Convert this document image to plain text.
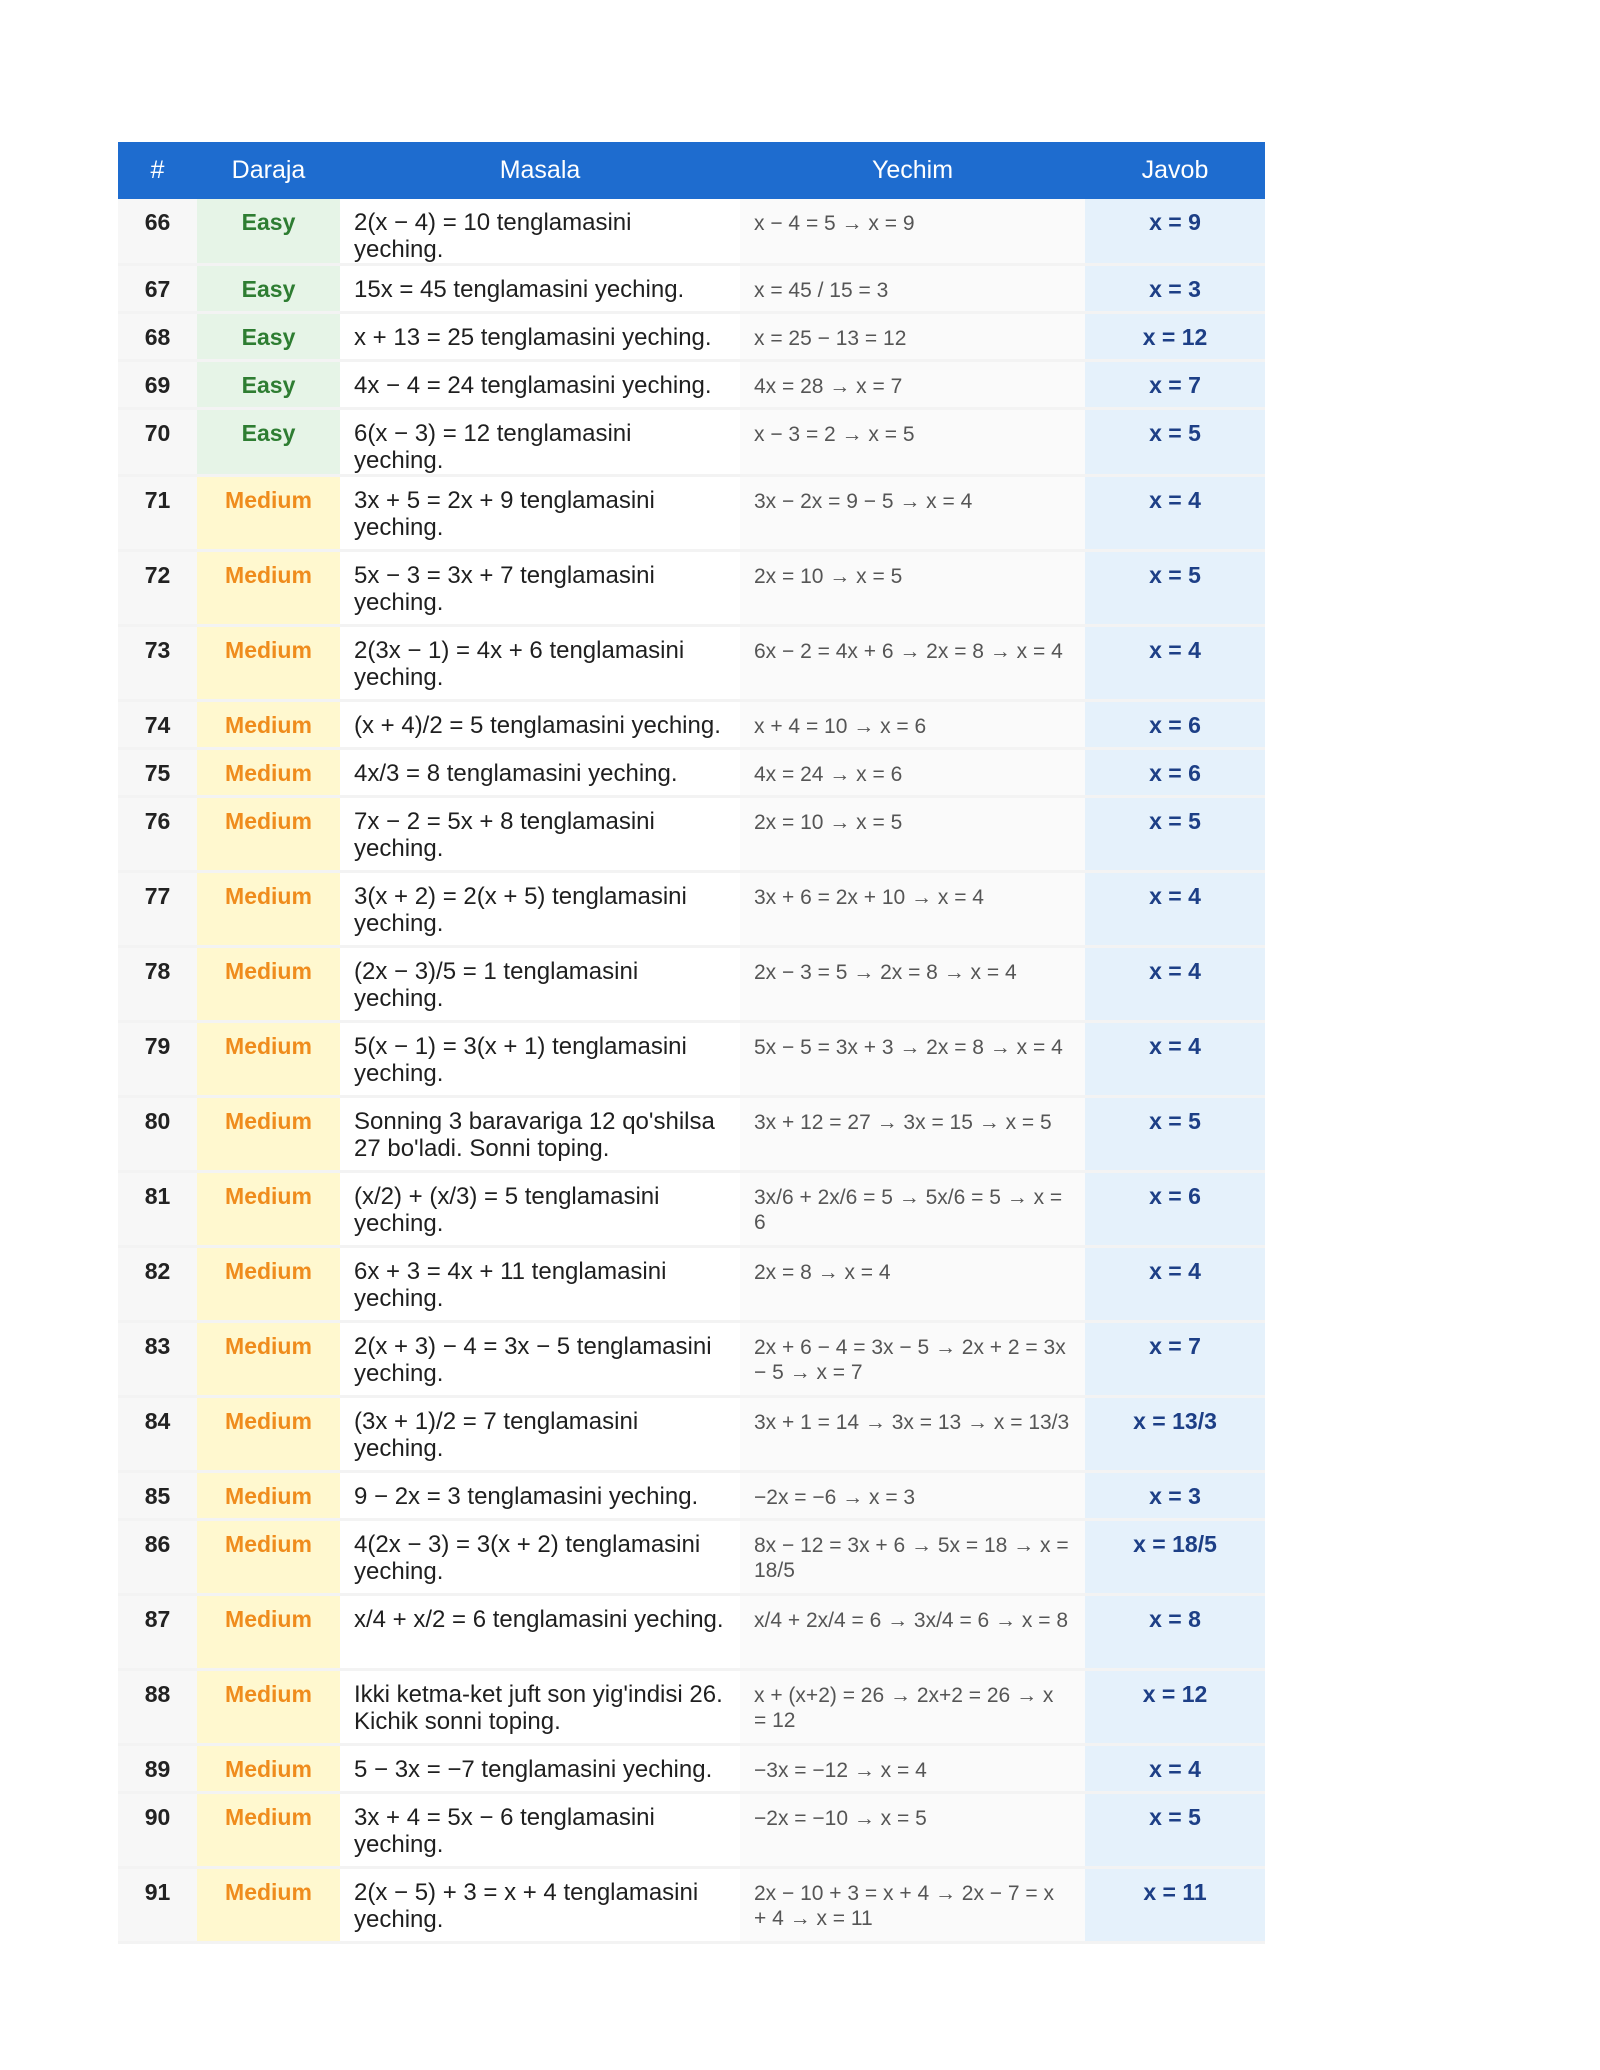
#	Daraja	Masala	Yechim	Javob
66	Easy	2(x − 4) = 10 tenglamasini yeching.	x − 4 = 5 → x = 9	x = 9
67	Easy	15x = 45 tenglamasini yeching.	x = 45 / 15 = 3	x = 3
68	Easy	x + 13 = 25 tenglamasini yeching.	x = 25 − 13 = 12	x = 12
69	Easy	4x − 4 = 24 tenglamasini yeching.	4x = 28 → x = 7	x = 7
70	Easy	6(x − 3) = 12 tenglamasini yeching.	x − 3 = 2 → x = 5	x = 5
71	Medium	3x + 5 = 2x + 9 tenglamasini yeching.	3x − 2x = 9 − 5 → x = 4	x = 4
72	Medium	5x − 3 = 3x + 7 tenglamasini yeching.	2x = 10 → x = 5	x = 5
73	Medium	2(3x − 1) = 4x + 6 tenglamasini yeching.	6x − 2 = 4x + 6 → 2x = 8 → x = 4	x = 4
74	Medium	(x + 4)/2 = 5 tenglamasini yeching.	x + 4 = 10 → x = 6	x = 6
75	Medium	4x/3 = 8 tenglamasini yeching.	4x = 24 → x = 6	x = 6
76	Medium	7x − 2 = 5x + 8 tenglamasini yeching.	2x = 10 → x = 5	x = 5
77	Medium	3(x + 2) = 2(x + 5) tenglamasini yeching.	3x + 6 = 2x + 10 → x = 4	x = 4
78	Medium	(2x − 3)/5 = 1 tenglamasini yeching.	2x − 3 = 5 → 2x = 8 → x = 4	x = 4
79	Medium	5(x − 1) = 3(x + 1) tenglamasini yeching.	5x − 5 = 3x + 3 → 2x = 8 → x = 4	x = 4
80	Medium	Sonning 3 baravariga 12 qo'shilsa 27 bo'ladi. Sonni toping.	3x + 12 = 27 → 3x = 15 → x = 5	x = 5
81	Medium	(x/2) + (x/3) = 5 tenglamasini yeching.	3x/6 + 2x/6 = 5 → 5x/6 = 5 → x = 6	x = 6
82	Medium	6x + 3 = 4x + 11 tenglamasini yeching.	2x = 8 → x = 4	x = 4
83	Medium	2(x + 3) − 4 = 3x − 5 tenglamasini yeching.	2x + 6 − 4 = 3x − 5 → 2x + 2 = 3x − 5 → x = 7	x = 7
84	Medium	(3x + 1)/2 = 7 tenglamasini yeching.	3x + 1 = 14 → 3x = 13 → x = 13/3	x = 13/3
85	Medium	9 − 2x = 3 tenglamasini yeching.	−2x = −6 → x = 3	x = 3
86	Medium	4(2x − 3) = 3(x + 2) tenglamasini yeching.	8x − 12 = 3x + 6 → 5x = 18 → x = 18/5	x = 18/5
87	Medium	x/4 + x/2 = 6 tenglamasini yeching.	x/4 + 2x/4 = 6 → 3x/4 = 6 → x = 8	x = 8
88	Medium	Ikki ketma-ket juft son yig'indisi 26. Kichik sonni toping.	x + (x+2) = 26 → 2x+2 = 26 → x = 12	x = 12
89	Medium	5 − 3x = −7 tenglamasini yeching.	−3x = −12 → x = 4	x = 4
90	Medium	3x + 4 = 5x − 6 tenglamasini yeching.	−2x = −10 → x = 5	x = 5
91	Medium	2(x − 5) + 3 = x + 4 tenglamasini yeching.	2x − 10 + 3 = x + 4 → 2x − 7 = x + 4 → x = 11	x = 11
